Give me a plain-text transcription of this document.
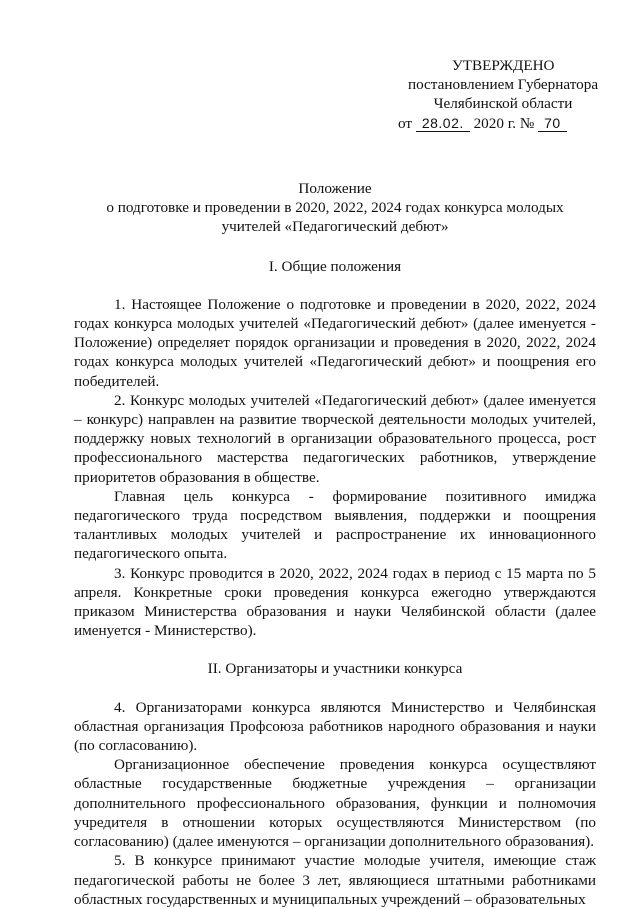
УТВЕРЖДЕНО
постановлением Губернатора
Челябинской области
от 28.02. 2020 г. № 70
Положение
о подготовке и проведении в 2020, 2022, 2024 годах конкурса молодых
учителей «Педагогический дебют»
I. Общие положения

1. Настоящее Положение о подготовке и проведении в 2020, 2022, 2024 годах конкурса молодых учителей «Педагогический дебют» (далее именуется - Положение) определяет порядок организации и проведения в 2020, 2022, 2024 годах конкурса молодых учителей «Педагогический дебют» и поощрения его победителей.

2. Конкурс молодых учителей «Педагогический дебют» (далее именуется – конкурс) направлен на развитие творческой деятельности молодых учителей, поддержку новых технологий в организации образовательного процесса, рост профессионального мастерства педагогических работников, утверждение приоритетов образования в обществе.

Главная цель конкурса - формирование позитивного имиджа педагогического труда посредством выявления, поддержки и поощрения талантливых молодых учителей и распространение их инновационного педагогического опыта.

3. Конкурс проводится в 2020, 2022, 2024 годах в период с 15 марта по 5 апреля. Конкретные сроки проведения конкурса ежегодно утверждаются приказом Министерства образования и науки Челябинской области (далее именуется - Министерство).

II. Организаторы и участники конкурса

4. Организаторами конкурса являются Министерство и Челябинская областная организация Профсоюза работников народного образования и науки (по согласованию).

Организационное обеспечение проведения конкурса осуществляют областные государственные бюджетные учреждения – организации дополнительного профессионального образования, функции и полномочия учредителя в отношении которых осуществляются Министерством (по согласованию) (далее именуются – организации дополнительного образования).

5. В конкурсе принимают участие молодые учителя, имеющие стаж педагогической работы не более 3 лет, являющиеся штатными работниками областных государственных и муниципальных учреждений – образовательных
